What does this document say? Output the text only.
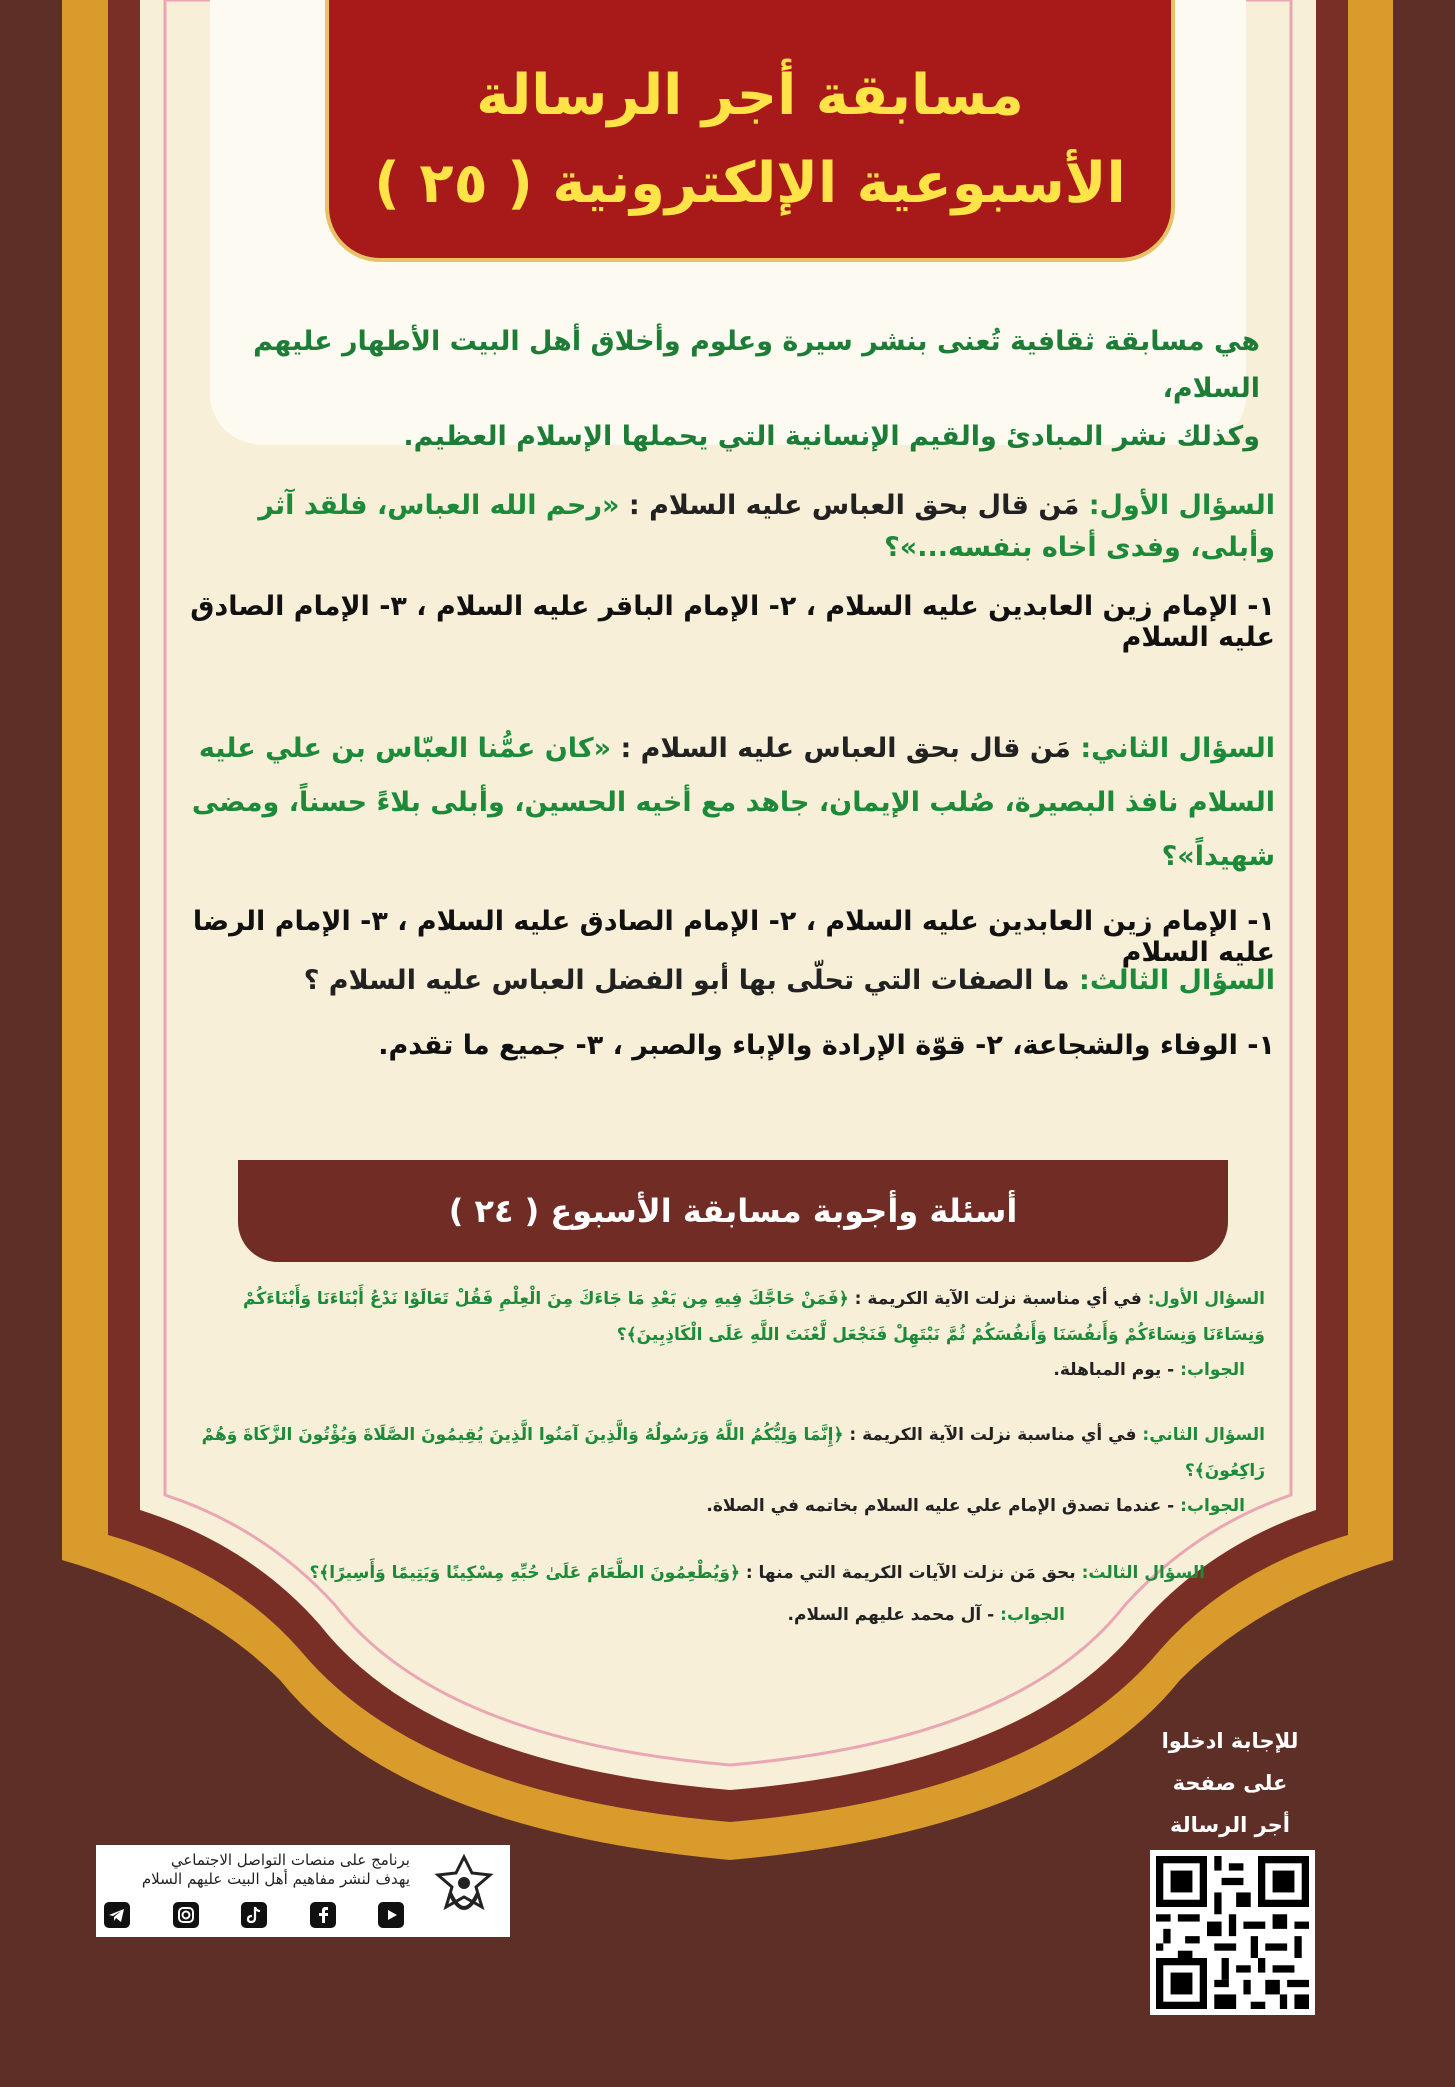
مسابقة أجر الرسالة
الأسبوعية الإلكترونية ( ٢٥ )
هي مسابقة ثقافية تُعنى بنشر سيرة وعلوم وأخلاق أهل البيت الأطهار عليهم السلام،
وكذلك نشر المبادئ والقيم الإنسانية التي يحملها الإسلام العظيم.
السؤال الأول: مَن قال بحق العباس عليه السلام : «رحم الله العباس، فلقد آثر وأبلى، وفدى أخاه بنفسه...»؟
١- الإمام زين العابدين عليه السلام ، ٢- الإمام الباقر عليه السلام ، ٣- الإمام الصادق عليه السلام
السؤال الثاني: مَن قال بحق العباس عليه السلام : «كان عمُّنا العبّاس بن علي عليه السلام نافذ البصيرة، صُلب الإيمان، جاهد مع أخيه الحسين، وأبلى بلاءً حسناً، ومضى شهيداً»؟
١- الإمام زين العابدين عليه السلام ، ٢- الإمام الصادق عليه السلام ، ٣- الإمام الرضا عليه السلام
السؤال الثالث: ما الصفات التي تحلّى بها أبو الفضل العباس عليه السلام ؟
١- الوفاء والشجاعة، ٢- قوّة الإرادة والإباء والصبر ، ٣- جميع ما تقدم.
أسئلة وأجوبة مسابقة الأسبوع ( ٢٤ )
السؤال الأول: في أي مناسبة نزلت الآية الكريمة : ﴿فَمَنْ حَاجَّكَ فِيهِ مِن بَعْدِ مَا جَاءَكَ مِنَ الْعِلْمِ فَقُلْ تَعَالَوْا نَدْعُ أَبْنَاءَنَا وَأَبْنَاءَكُمْ وَنِسَاءَنَا وَنِسَاءَكُمْ وَأَنفُسَنَا وَأَنفُسَكُمْ ثُمَّ نَبْتَهِلْ فَنَجْعَل لَّعْنَتَ اللَّهِ عَلَى الْكَاذِبِينَ﴾؟
الجواب: - يوم المباهلة.
السؤال الثاني: في أي مناسبة نزلت الآية الكريمة : ﴿إِنَّمَا وَلِيُّكُمُ اللَّهُ وَرَسُولُهُ وَالَّذِينَ آمَنُوا الَّذِينَ يُقِيمُونَ الصَّلَاةَ وَيُؤْتُونَ الزَّكَاةَ وَهُمْ رَاكِعُونَ﴾؟
الجواب: - عندما تصدق الإمام علي عليه السلام بخاتمه في الصلاة.
السؤال الثالث: بحق مَن نزلت الآيات الكريمة التي منها : ﴿وَيُطْعِمُونَ الطَّعَامَ عَلَىٰ حُبِّهِ مِسْكِينًا وَيَتِيمًا وَأَسِيرًا﴾؟
الجواب: - آل محمد عليهم السلام.
للإجابة ادخلوا
على صفحة
أجر الرسالة
برنامج على منصات التواصل الاجتماعي
يهدف لنشر مفاهيم أهل البيت عليهم السلام
